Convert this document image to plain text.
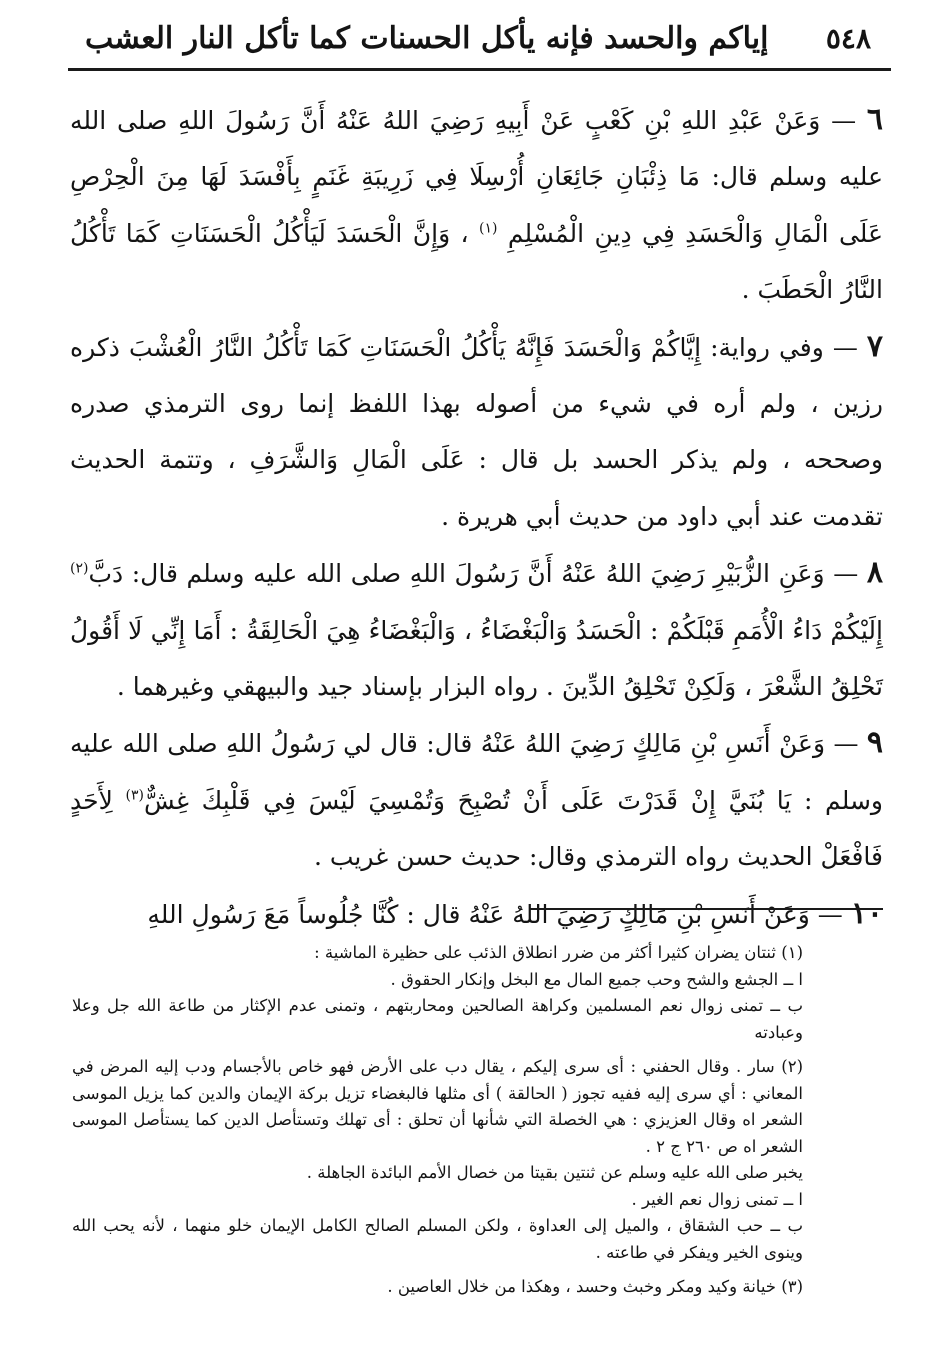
٥٤٨
إياكم والحسد فإنه يأكل الحسنات كما تأكل النار العشب

٦ — وَعَنْ عَبْدِ اللهِ بْنِ كَعْبٍ عَنْ أَبِيهِ رَضِيَ اللهُ عَنْهُ أَنَّ رَسُولَ اللهِ صلى الله عليه وسلم قال: مَا ذِئْبَانِ جَائِعَانِ أُرْسِلَا فِي زَرِيبَةِ غَنَمٍ بِأَفْسَدَ لَهَا مِنَ الْحِرْصِ عَلَى الْمَالِ وَالْحَسَدِ فِي دِينِ الْمُسْلِمِ $^{(١)}$ ، وَإِنَّ الْحَسَدَ لَيَأْكُلُ الْحَسَنَاتِ كَمَا تَأْكُلُ النَّارُ الْحَطَبَ .

٧ — وفي رواية: إِيَّاكُمْ وَالْحَسَدَ فَإِنَّهُ يَأْكُلُ الْحَسَنَاتِ كَمَا تَأْكُلُ النَّارُ الْعُشْبَ ذكره رزين ، ولم أره في شيء من أصوله بهذا اللفظ إنما روى الترمذي صدره وصححه ، ولم يذكر الحسد بل قال : عَلَى الْمَالِ وَالشَّرَفِ ، وتتمة الحديث تقدمت عند أبي داود من حديث أبي هريرة .

٨ — وَعَنِ الزُّبَيْرِ رَضِيَ اللهُ عَنْهُ أَنَّ رَسُولَ اللهِ صلى الله عليه وسلم قال: دَبَّ$^{(٢)}$ إِلَيْكُمْ دَاءُ الْأُمَمِ قَبْلَكُمْ : الْحَسَدُ وَالْبَغْضَاءُ ، وَالْبَغْضَاءُ هِيَ الْحَالِقَةُ : أَمَا إِنِّي لَا أَقُولُ تَحْلِقُ الشَّعْرَ ، وَلَكِنْ تَحْلِقُ الدِّينَ . رواه البزار بإسناد جيد والبيهقي وغيرهما .

٩ — وَعَنْ أَنَسِ بْنِ مَالِكٍ رَضِيَ اللهُ عَنْهُ قال: قال لي رَسُولُ اللهِ صلى الله عليه وسلم : يَا بُنَيَّ إِنْ قَدَرْتَ عَلَى أَنْ تُصْبِحَ وَتُمْسِيَ لَيْسَ فِي قَلْبِكَ غِشٌّ$^{(٣)}$ لِأَحَدٍ فَافْعَلْ الحديث رواه الترمذي وقال: حديث حسن غريب .

١٠ — وَعَنْ أَنَسِ بْنِ مَالِكٍ رَضِيَ اللهُ عَنْهُ قال : كُنَّا جُلُوساً مَعَ رَسُولِ اللهِ

(١) ثنتان يضران كثيرا أكثر من ضرر انطلاق الذئب على حظيرة الماشية :

ا ــ الجشع والشح وحب جميع المال مع البخل وإنكار الحقوق .

ب ــ تمنى زوال نعم المسلمين وكراهة الصالحين ومحاربتهم ، وتمنى عدم الإكثار من طاعة الله جل وعلا وعبادته

(٢) سار . وقال الحفني : أى سرى إليكم ، يقال دب على الأرض فهو خاص بالأجسام ودب إليه المرض في المعاني : أي سرى إليه ففيه تجوز ( الحالقة ) أى مثلها فالبغضاء تزيل بركة الإيمان والدين كما يزيل الموسى الشعر اه وقال العزيزي : هي الخصلة التي شأنها أن تحلق : أى تهلك وتستأصل الدين كما يستأصل الموسى الشعر اه ص ٢٦٠ ج ٢ .

يخبر صلى الله عليه وسلم عن ثنتين بقيتا من خصال الأمم البائدة الجاهلة .

ا ــ تمنى زوال نعم الغير .

ب ــ حب الشقاق ، والميل إلى العداوة ، ولكن المسلم الصالح الكامل الإيمان خلو منهما ، لأنه يحب الله وينوى الخير ويفكر في طاعته .

(٣) خيانة وكيد ومكر وخبث وحسد ، وهكذا من خلال العاصين .
